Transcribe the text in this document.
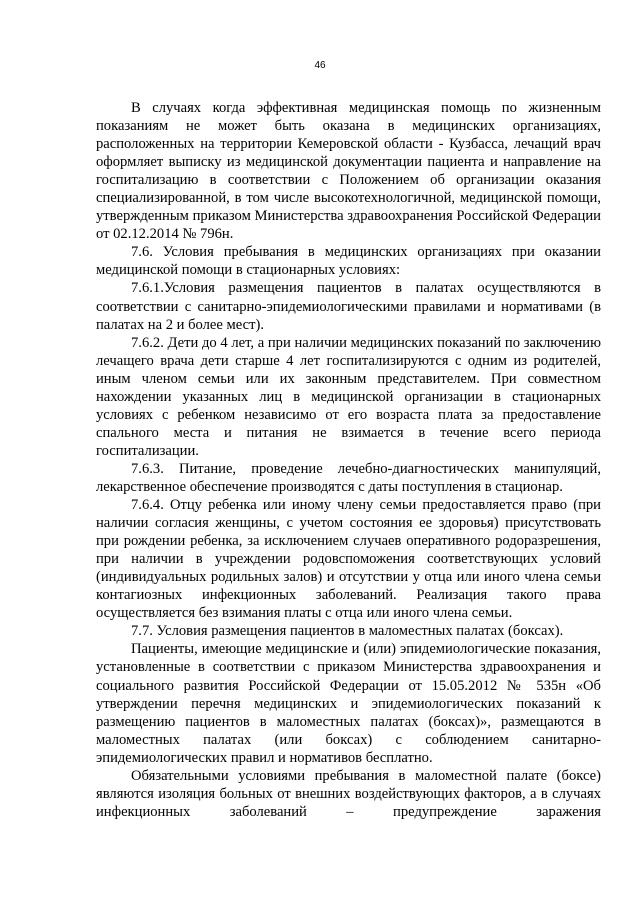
46

В случаях когда эффективная медицинская помощь по жизненным показаниям не может быть оказана в медицинских организациях, расположенных на территории Кемеровской области - Кузбасса, лечащий врач оформляет выписку из медицинской документации пациента и направление на госпитализацию в соответствии с Положением об организации оказания специализированной, в том числе высокотехнологичной, медицинской помощи, утвержденным приказом Министерства здравоохранения Российской Федерации от 02.12.2014 № 796н.

7.6. Условия пребывания в медицинских организациях при оказании медицинской помощи в стационарных условиях:

7.6.1.Условия размещения пациентов в палатах осуществляются в соответствии с санитарно-эпидемиологическими правилами и нормативами (в палатах на 2 и более мест).

7.6.2. Дети до 4 лет, а при наличии медицинских показаний по заключению лечащего врача дети старше 4 лет госпитализируются с одним из родителей, иным членом семьи или их законным представителем. При совместном нахождении указанных лиц в медицинской организации в стационарных условиях с ребенком независимо от его возраста плата за предоставление спального места и питания не взимается в течение всего периода госпитализации.

7.6.3. Питание, проведение лечебно-диагностических манипуляций, лекарственное обеспечение производятся с даты поступления в стационар.

7.6.4. Отцу ребенка или иному члену семьи предоставляется право (при наличии согласия женщины, с учетом состояния ее здоровья) присутствовать при рождении ребенка, за исключением случаев оперативного родоразрешения, при наличии в учреждении родовспоможения соответствующих условий (индивидуальных родильных залов) и отсутствии у отца или иного члена семьи контагиозных инфекционных заболеваний. Реализация такого права осуществляется без взимания платы с отца или иного члена семьи.

7.7. Условия размещения пациентов в маломестных палатах (боксах).

Пациенты, имеющие медицинские и (или) эпидемиологические показания, установленные в соответствии с приказом Министерства здравоохранения и социального развития Российской Федерации от 15.05.2012 № 535н «Об утверждении перечня медицинских и эпидемиологических показаний к размещению пациентов в маломестных палатах (боксах)», размещаются в маломестных палатах (или боксах) с соблюдением санитарно-эпидемиологических правил и нормативов бесплатно.

Обязательными условиями пребывания в маломестной палате (боксе) являются изоляция больных от внешних воздействующих факторов, а в случаях инфекционных заболеваний – предупреждение заражения
